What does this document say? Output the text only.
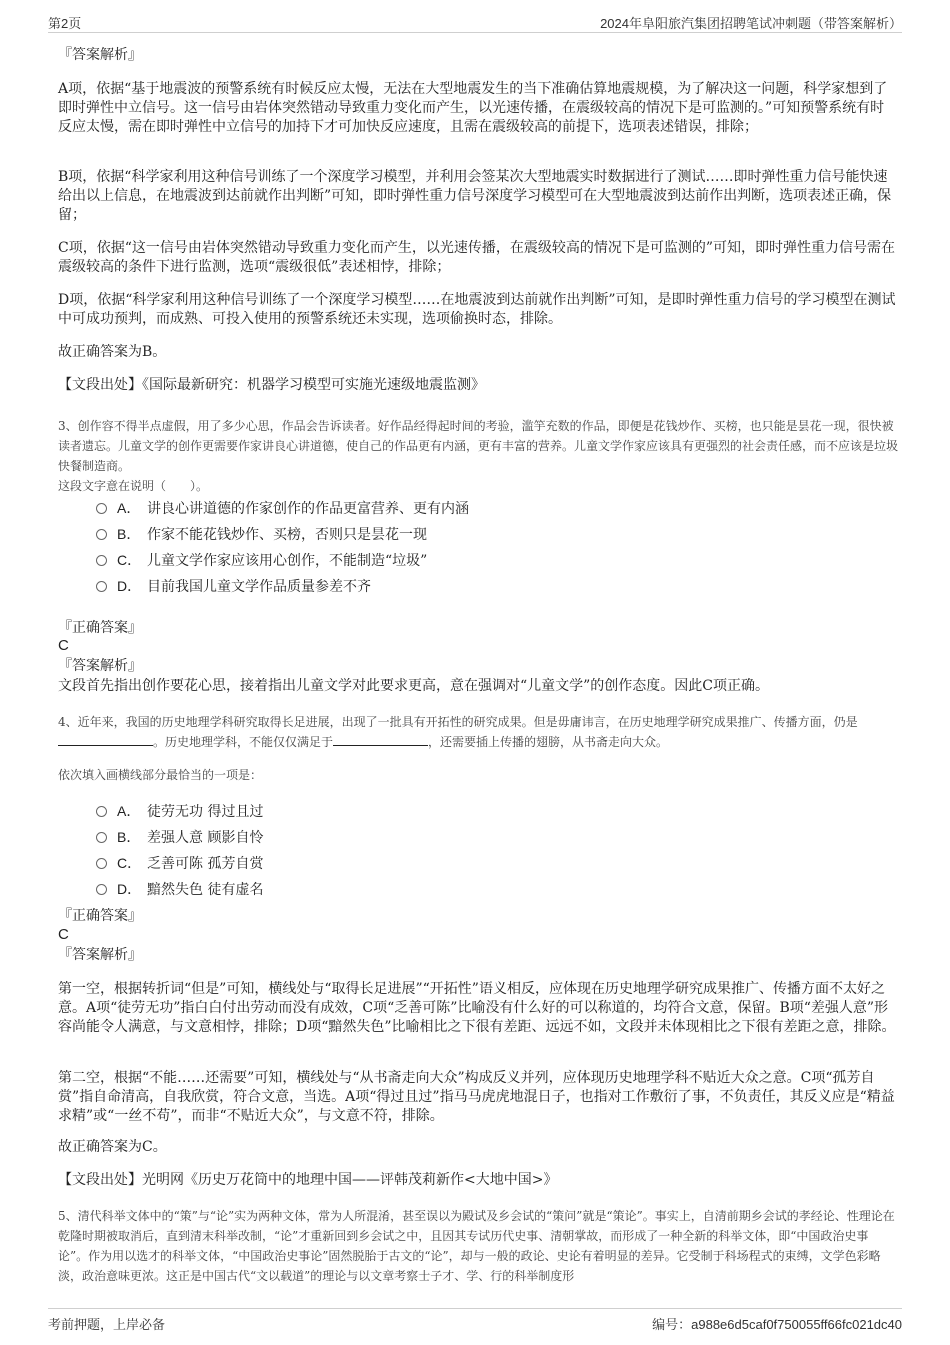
第2页	2024年阜阳旅汽集团招聘笔试冲刺题（带答案解析）
『答案解析』
A项，依据“基于地震波的预警系统有时候反应太慢，无法在大型地震发生的当下准确估算地震规模，为了解决这一问题，科学家想到了即时弹性中立信号。这一信号由岩体突然错动导致重力变化而产生，以光速传播，在震级较高的情况下是可监测的。”可知预警系统有时反应太慢，需在即时弹性中立信号的加持下才可加快反应速度，且需在震级较高的前提下，选项表述错误，排除；
B项，依据“科学家利用这种信号训练了一个深度学习模型，并利用会签某次大型地震实时数据进行了测试……即时弹性重力信号能快速给出以上信息，在地震波到达前就作出判断”可知，即时弹性重力信号深度学习模型可在大型地震波到达前作出判断，选项表述正确，保留；
C项，依据“这一信号由岩体突然错动导致重力变化而产生，以光速传播，在震级较高的情况下是可监测的”可知，即时弹性重力信号需在震级较高的条件下进行监测，选项“震级很低”表述相悖，排除；
D项，依据“科学家利用这种信号训练了一个深度学习模型……在地震波到达前就作出判断”可知，是即时弹性重力信号的学习模型在测试中可成功预判，而成熟、可投入使用的预警系统还未实现，选项偷换时态，排除。
故正确答案为B。
【文段出处】《国际最新研究：机器学习模型可实施光速级地震监测》
3、创作容不得半点虚假，用了多少心思，作品会告诉读者。好作品经得起时间的考验，滥竽充数的作品，即便是花钱炒作、买榜，也只能是昙花一现，很快被读者遗忘。儿童文学的创作更需要作家讲良心讲道德，使自己的作品更有内涵，更有丰富的营养。儿童文学作家应该具有更强烈的社会责任感，而不应该是垃圾快餐制造商。
这段文字意在说明（　　）。
A． 讲良心讲道德的作家创作的作品更富营养、更有内涵
B． 作家不能花钱炒作、买榜，否则只是昙花一现
C． 儿童文学作家应该用心创作，不能制造“垃圾”
D． 目前我国儿童文学作品质量参差不齐
『正确答案』
C
『答案解析』
文段首先指出创作要花心思，接着指出儿童文学对此要求更高，意在强调对“儿童文学”的创作态度。因此C项正确。
4、近年来，我国的历史地理学科研究取得长足进展，出现了一批具有开拓性的研究成果。但是毋庸讳言，在历史地理学研究成果推广、传播方面，仍是。历史地理学科，不能仅仅满足于	，还需要插上传播的翅膀，从书斋走向大众。
依次填入画横线部分最恰当的一项是：
A． 徒劳无功 得过且过
B． 差强人意 顾影自怜
C． 乏善可陈 孤芳自赏
D． 黯然失色 徒有虚名
『正确答案』
C
『答案解析』
第一空，根据转折词“但是”可知，横线处与“取得长足进展”“开拓性”语义相反，应体现在历史地理学研究成果推广、传播方面不太好之意。A项“徒劳无功”指白白付出劳动而没有成效，C项“乏善可陈”比喻没有什么好的可以称道的，均符合文意，保留。B项“差强人意”形容尚能令人满意，与文意相悖，排除；D项“黯然失色”比喻相比之下很有差距、远远不如，文段并未体现相比之下很有差距之意，排除。
第二空，根据“不能……还需要”可知，横线处与“从书斋走向大众”构成反义并列，应体现历史地理学科不贴近大众之意。C项“孤芳自赏”指自命清高，自我欣赏，符合文意，当选。A项“得过且过”指马马虎虎地混日子，也指对工作敷衍了事，不负责任，其反义应是“精益求精”或“一丝不苟”，而非“不贴近大众”，与文意不符，排除。
故正确答案为C。
【文段出处】光明网《历史万花筒中的地理中国——评韩茂莉新作<大地中国>》
5、清代科举文体中的“策”与“论”实为两种文体，常为人所混淆，甚至误以为殿试及乡会试的“策问”就是“策论”。事实上，自清前期乡会试的孝经论、性理论在乾隆时期被取消后，直到清末科举改制，“论”才重新回到乡会试之中，且因其专试历代史事、清朝掌故，而形成了一种全新的科举文体，即“中国政治史事论”。作为用以选才的科举文体，“中国政治史事论”固然脱胎于古文的“论”，却与一般的政论、史论有着明显的差异。它受制于科场程式的束缚，文学色彩略淡，政治意味更浓。这正是中国古代“文以载道”的理论与以文章考察士子才、学、行的科举制度形
考前押题，上岸必备	编号：a988e6d5caf0f750055ff66fc021dc40
